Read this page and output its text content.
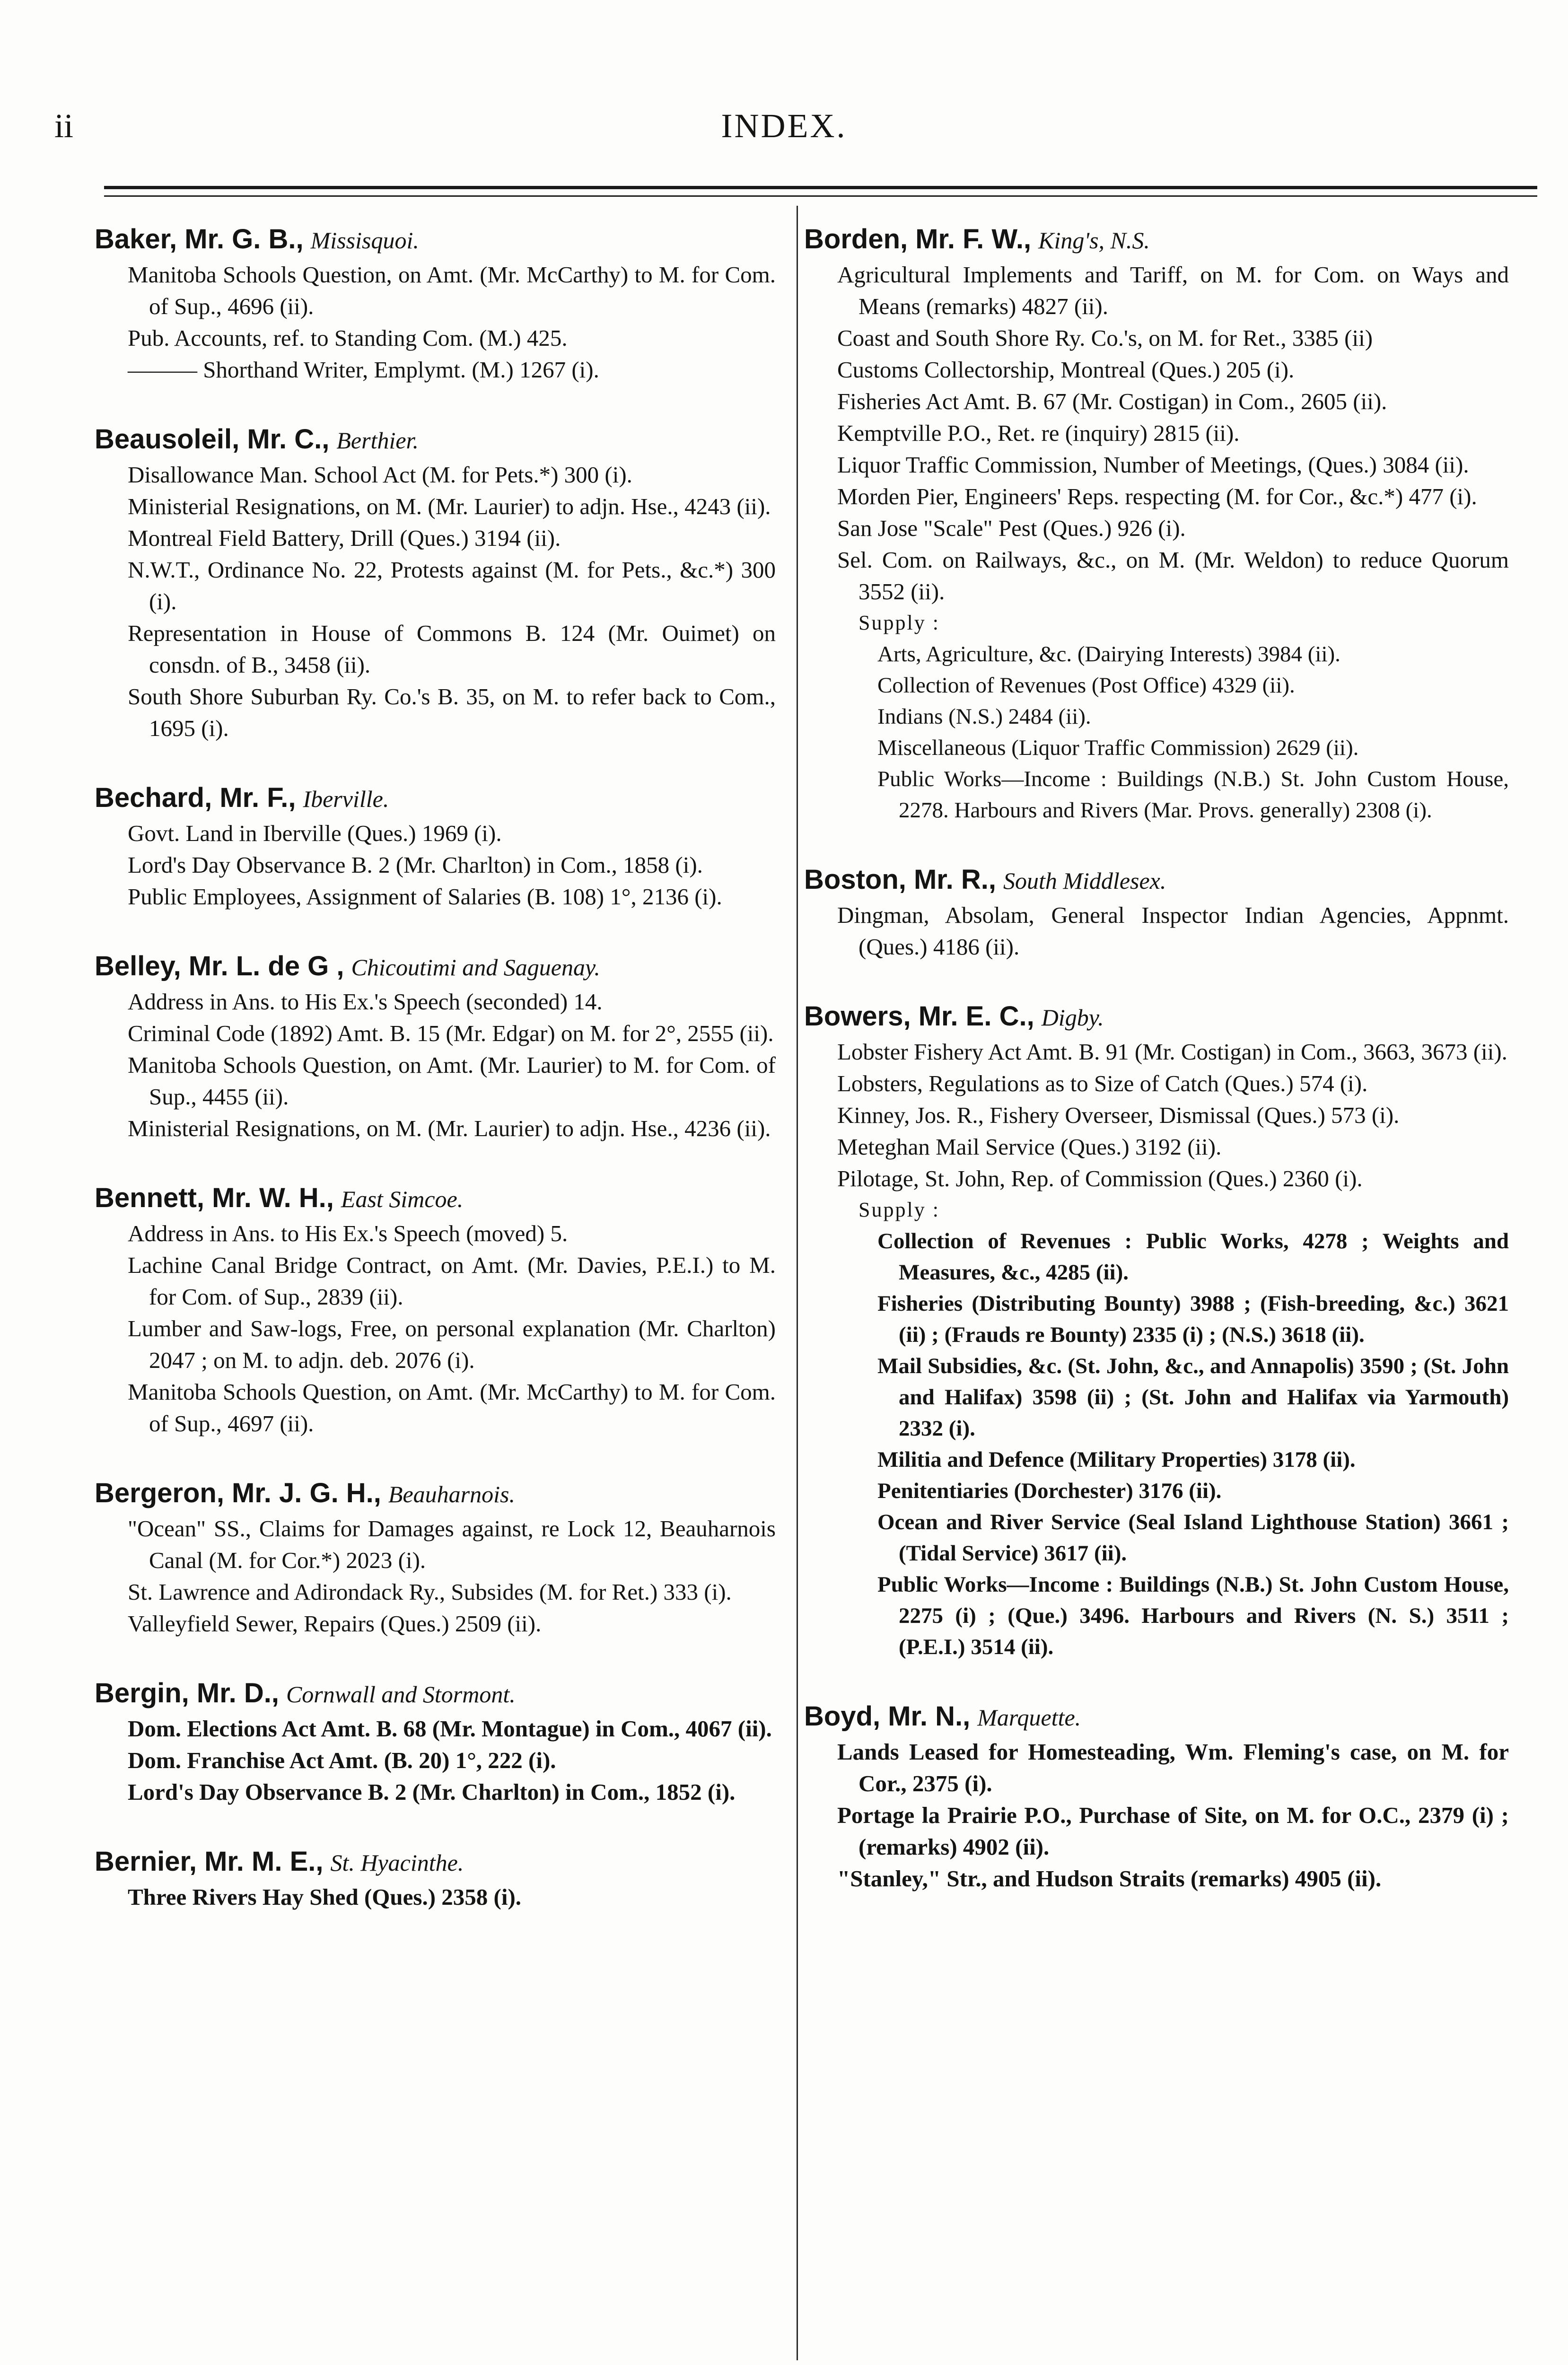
ii	INDEX.
Baker, Mr. G. B., Missisquoi.

Manitoba Schools Question, on Amt. (Mr. McCarthy) to M. for Com. of Sup., 4696 (ii).

Pub. Accounts, ref. to Standing Com. (M.) 425.

——— Shorthand Writer, Emplymt. (M.) 1267 (i).

Beausoleil, Mr. C., Berthier.

Disallowance Man. School Act (M. for Pets.*) 300 (i).

Ministerial Resignations, on M. (Mr. Laurier) to adjn. Hse., 4243 (ii).

Montreal Field Battery, Drill (Ques.) 3194 (ii).

N.W.T., Ordinance No. 22, Protests against (M. for Pets., &c.*) 300 (i).

Representation in House of Commons B. 124 (Mr. Ouimet) on consdn. of B., 3458 (ii).

South Shore Suburban Ry. Co.'s B. 35, on M. to refer back to Com., 1695 (i).

Bechard, Mr. F., Iberville.

Govt. Land in Iberville (Ques.) 1969 (i).

Lord's Day Observance B. 2 (Mr. Charlton) in Com., 1858 (i).

Public Employees, Assignment of Salaries (B. 108) 1°, 2136 (i).

Belley, Mr. L. de G , Chicoutimi and Saguenay.

Address in Ans. to His Ex.'s Speech (seconded) 14.

Criminal Code (1892) Amt. B. 15 (Mr. Edgar) on M. for 2°, 2555 (ii).

Manitoba Schools Question, on Amt. (Mr. Laurier) to M. for Com. of Sup., 4455 (ii).

Ministerial Resignations, on M. (Mr. Laurier) to adjn. Hse., 4236 (ii).

Bennett, Mr. W. H., East Simcoe.

Address in Ans. to His Ex.'s Speech (moved) 5.

Lachine Canal Bridge Contract, on Amt. (Mr. Davies, P.E.I.) to M. for Com. of Sup., 2839 (ii).

Lumber and Saw-logs, Free, on personal explanation (Mr. Charlton) 2047 ; on M. to adjn. deb. 2076 (i).

Manitoba Schools Question, on Amt. (Mr. McCarthy) to M. for Com. of Sup., 4697 (ii).

Bergeron, Mr. J. G. H., Beauharnois.

"Ocean" SS., Claims for Damages against, re Lock 12, Beauharnois Canal (M. for Cor.*) 2023 (i).

St. Lawrence and Adirondack Ry., Subsides (M. for Ret.) 333 (i).

Valleyfield Sewer, Repairs (Ques.) 2509 (ii).

Bergin, Mr. D., Cornwall and Stormont.

Dom. Elections Act Amt. B. 68 (Mr. Montague) in Com., 4067 (ii).

Dom. Franchise Act Amt. (B. 20) 1°, 222 (i).

Lord's Day Observance B. 2 (Mr. Charlton) in Com., 1852 (i).

Bernier, Mr. M. E., St. Hyacinthe.

Three Rivers Hay Shed (Ques.) 2358 (i).

Borden, Mr. F. W., King's, N.S.

Agricultural Implements and Tariff, on M. for Com. on Ways and Means (remarks) 4827 (ii).

Coast and South Shore Ry. Co.'s, on M. for Ret., 3385 (ii)

Customs Collectorship, Montreal (Ques.) 205 (i).

Fisheries Act Amt. B. 67 (Mr. Costigan) in Com., 2605 (ii).

Kemptville P.O., Ret. re (inquiry) 2815 (ii).

Liquor Traffic Commission, Number of Meetings, (Ques.) 3084 (ii).

Morden Pier, Engineers' Reps. respecting (M. for Cor., &c.*) 477 (i).

San Jose "Scale" Pest (Ques.) 926 (i).

Sel. Com. on Railways, &c., on M. (Mr. Weldon) to reduce Quorum 3552 (ii).

Supply :

Arts, Agriculture, &c. (Dairying Interests) 3984 (ii).

Collection of Revenues (Post Office) 4329 (ii).

Indians (N.S.) 2484 (ii).

Miscellaneous (Liquor Traffic Commission) 2629 (ii).

Public Works—Income : Buildings (N.B.) St. John Custom House, 2278. Harbours and Rivers (Mar. Provs. generally) 2308 (i).

Boston, Mr. R., South Middlesex.

Dingman, Absolam, General Inspector Indian Agencies, Appnmt. (Ques.) 4186 (ii).

Bowers, Mr. E. C., Digby.

Lobster Fishery Act Amt. B. 91 (Mr. Costigan) in Com., 3663, 3673 (ii).

Lobsters, Regulations as to Size of Catch (Ques.) 574 (i).

Kinney, Jos. R., Fishery Overseer, Dismissal (Ques.) 573 (i).

Meteghan Mail Service (Ques.) 3192 (ii).

Pilotage, St. John, Rep. of Commission (Ques.) 2360 (i).

Supply :

Collection of Revenues : Public Works, 4278 ; Weights and Measures, &c., 4285 (ii).

Fisheries (Distributing Bounty) 3988 ; (Fish-breeding, &c.) 3621 (ii) ; (Frauds re Bounty) 2335 (i) ; (N.S.) 3618 (ii).

Mail Subsidies, &c. (St. John, &c., and Annapolis) 3590 ; (St. John and Halifax) 3598 (ii) ; (St. John and Halifax via Yarmouth) 2332 (i).

Militia and Defence (Military Properties) 3178 (ii).

Penitentiaries (Dorchester) 3176 (ii).

Ocean and River Service (Seal Island Lighthouse Station) 3661 ; (Tidal Service) 3617 (ii).

Public Works—Income : Buildings (N.B.) St. John Custom House, 2275 (i) ; (Que.) 3496. Harbours and Rivers (N. S.) 3511 ; (P.E.I.) 3514 (ii).

Boyd, Mr. N., Marquette.

Lands Leased for Homesteading, Wm. Fleming's case, on M. for Cor., 2375 (i).

Portage la Prairie P.O., Purchase of Site, on M. for O.C., 2379 (i) ; (remarks) 4902 (ii).

"Stanley," Str., and Hudson Straits (remarks) 4905 (ii).
